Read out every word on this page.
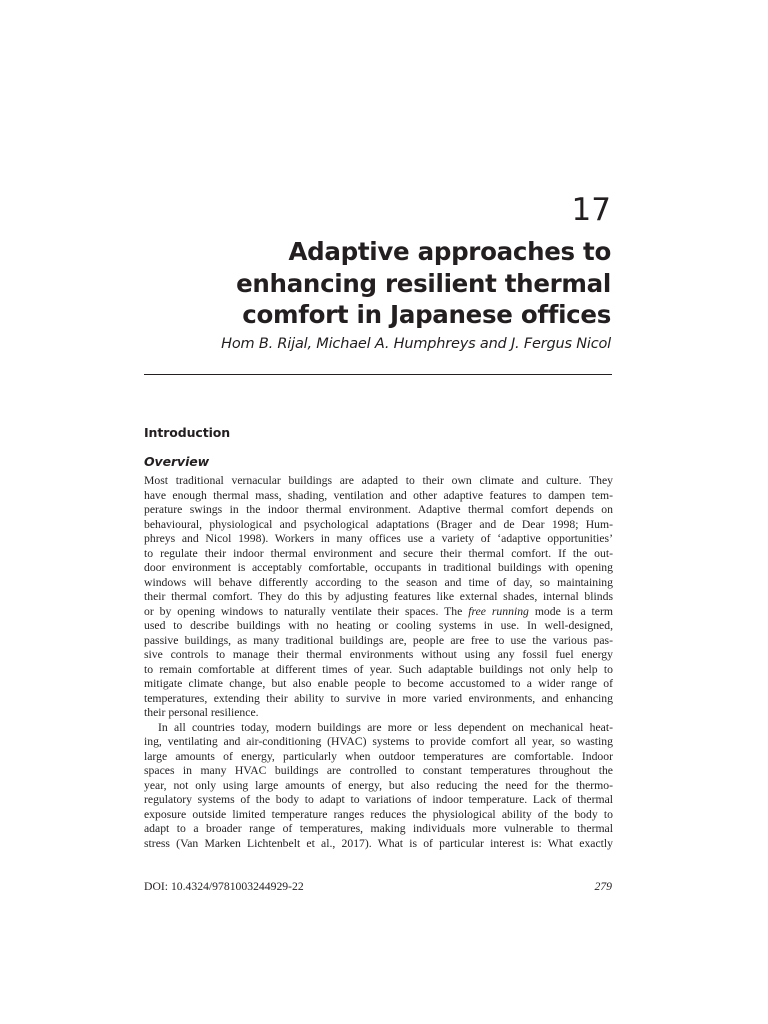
17
Adaptive approaches to
enhancing resilient thermal
comfort in Japanese offices
Hom B. Rijal, Michael A. Humphreys and J. Fergus Nicol
Introduction
Overview

Most traditional vernacular buildings are adapted to their own climate and culture. They
have enough thermal mass, shading, ventilation and other adaptive features to dampen tem-
perature swings in the indoor thermal environment. Adaptive thermal comfort depends on
behavioural, physiological and psychological adaptations (Brager and de Dear 1998; Hum-
phreys and Nicol 1998). Workers in many offices use a variety of ‘adaptive opportunities’
to regulate their indoor thermal environment and secure their thermal comfort. If the out-
door environment is acceptably comfortable, occupants in traditional buildings with opening
windows will behave differently according to the season and time of day, so maintaining
their thermal comfort. They do this by adjusting features like external shades, internal blinds
or by opening windows to naturally ventilate their spaces. The free running mode is a term
used to describe buildings with no heating or cooling systems in use. In well-designed,
passive buildings, as many traditional buildings are, people are free to use the various pas-
sive controls to manage their thermal environments without using any fossil fuel energy
to remain comfortable at different times of year. Such adaptable buildings not only help to
mitigate climate change, but also enable people to become accustomed to a wider range of
temperatures, extending their ability to survive in more varied environments, and enhancing
their personal resilience.

In all countries today, modern buildings are more or less dependent on mechanical heat-
ing, ventilating and air-conditioning (HVAC) systems to provide comfort all year, so wasting
large amounts of energy, particularly when outdoor temperatures are comfortable. Indoor
spaces in many HVAC buildings are controlled to constant temperatures throughout the
year, not only using large amounts of energy, but also reducing the need for the thermo-
regulatory systems of the body to adapt to variations of indoor temperature. Lack of thermal
exposure outside limited temperature ranges reduces the physiological ability of the body to
adapt to a broader range of temperatures, making individuals more vulnerable to thermal
stress (Van Marken Lichtenbelt et al., 2017). What is of particular interest is: What exactly

DOI: 10.4324/9781003244929-22	279
